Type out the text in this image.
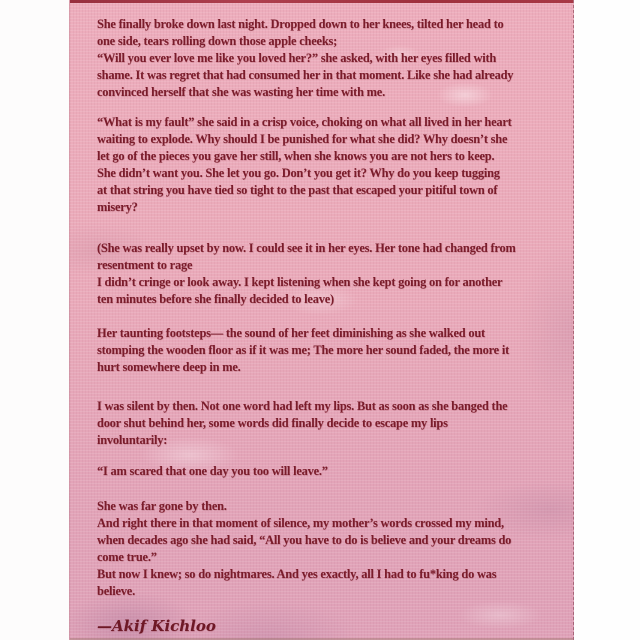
She finally broke down last night. Dropped down to her knees, tilted her head to
one side, tears rolling down those apple cheeks;
“Will you ever love me like you loved her?” she asked, with her eyes filled with
shame. It was regret that had consumed her in that moment. Like she had already
convinced herself that she was wasting her time with me.
“What is my fault” she said in a crisp voice, choking on what all lived in her heart
waiting to explode. Why should I be punished for what she did? Why doesn’t she
let go of the pieces you gave her still, when she knows you are not hers to keep.
She didn’t want you. She let you go. Don’t you get it? Why do you keep tugging
at that string you have tied so tight to the past that escaped your pitiful town of
misery?
(She was really upset by now. I could see it in her eyes. Her tone had changed from
resentment to rage
I didn’t cringe or look away. I kept listening when she kept going on for another
ten minutes before she finally decided to leave)
Her taunting footsteps— the sound of her feet diminishing as she walked out
stomping the wooden floor as if it was me; The more her sound faded, the more it
hurt somewhere deep in me.
I was silent by then. Not one word had left my lips. But as soon as she banged the
door shut behind her, some words did finally decide to escape my lips
involuntarily:
“I am scared that one day you too will leave.”
She was far gone by then.
And right there in that moment of silence, my mother’s words crossed my mind,
when decades ago she had said, “All you have to do is believe and your dreams do
come true.”
But now I knew; so do nightmares. And yes exactly, all I had to fu*king do was
believe.
—Akif Kichloo
